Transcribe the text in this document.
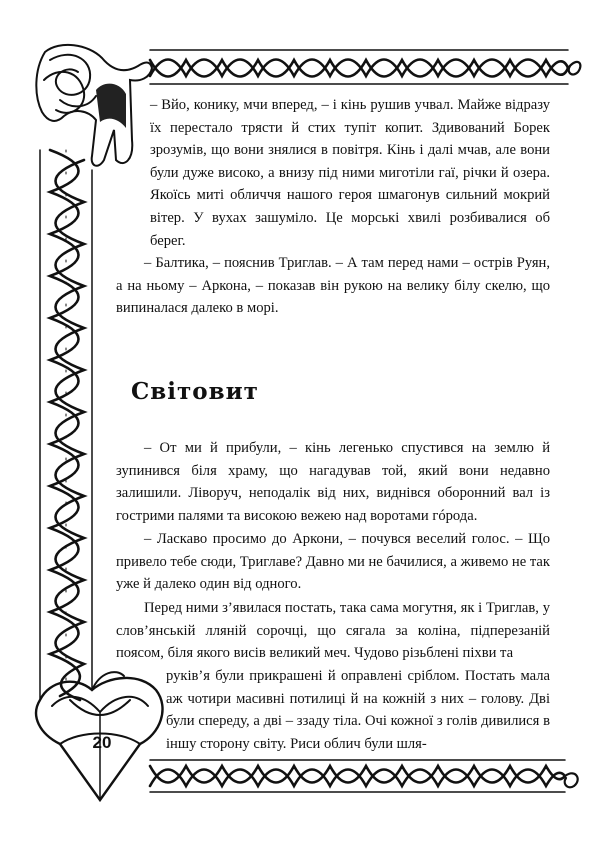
– Вйо, конику, мчи вперед, – і кінь рушив учвал. Майже відразу їх перестало трясти й стих тупіт копит. Здивований Борек зрозумів, що вони знялися в повітря. Кінь і далі мчав, але вони були дуже високо, а внизу під ними миготіли гаї, річки й озера. Якоїсь миті обличчя нашого героя шмагонув сильний мокрий вітер. У вухах зашуміло. Це морські хвилі розбивалися об берег.

– Балтика, – пояснив Триглав. – А там перед нами – острів Руян, а на ньому – Аркона, – показав він рукою на велику білу скелю, що випиналася далеко в морі.

Світовит

– От ми й прибули, – кінь легенько спустився на землю й зупинився біля храму, що нагадував той, який вони недавно залишили. Ліворуч, неподалік від них, виднівся оборонний вал із гострими палями та високою вежею над воротами гóрода.

– Ласкаво просимо до Аркони, – почувся веселий голос. – Що привело тебе сюди, Триглаве? Давно ми не бачилися, а живемо не так уже й далеко один від одного.

Перед ними з’явилася постать, така сама могутня, як і Триглав, у слов’янській лляній сорочці, що сягала за коліна, підперезаній поясом, біля якого висів великий меч. Чудово різьблені піхви та

руків’я були прикрашені й оправлені сріблом. Постать мала аж чотири масивні потилиці й на кожній з них – голову. Дві були спереду, а дві – ззаду тіла. Очі кожної з голів дивилися в іншу сторону світу. Риси облич були шля-

20
